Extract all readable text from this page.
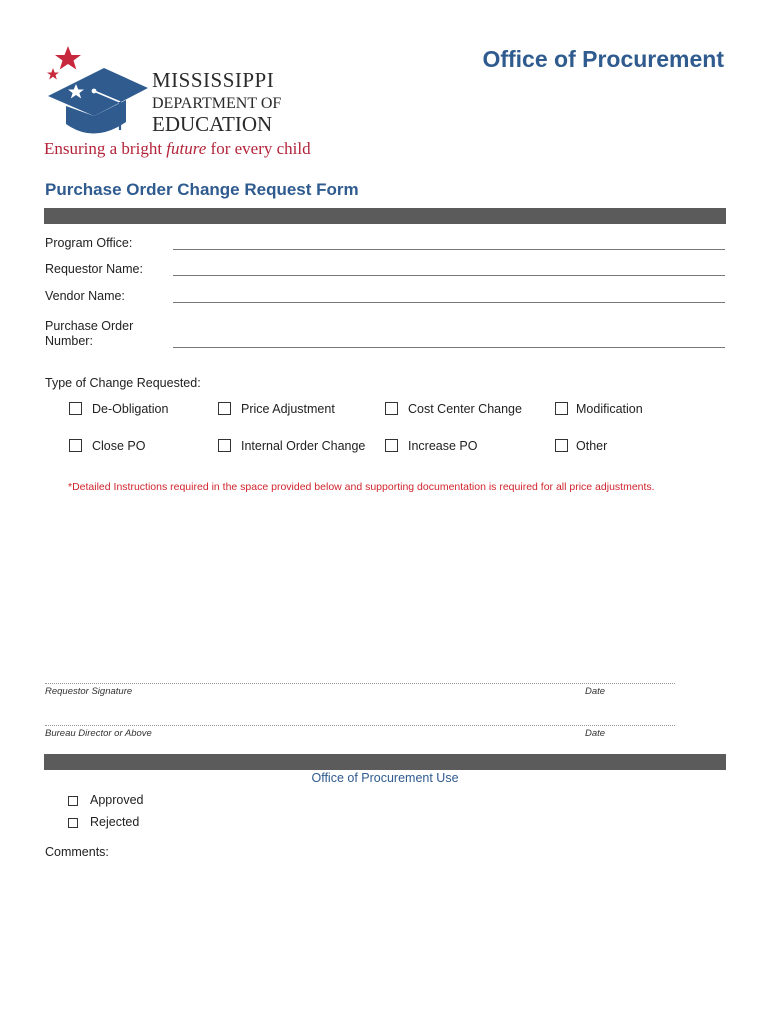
MISSISSIPPI
DEPARTMENT OF
EDUCATION
Ensuring a bright future for every child
Office of Procurement
Purchase Order Change Request Form
Program Office:
Requestor Name:
Vendor Name:
Purchase Order
Number:
Type of Change Requested:
De-Obligation	Price Adjustment	Cost Center Change	Modification
Close PO	Internal Order Change	Increase PO	Other
*Detailed Instructions required in the space provided below and supporting documentation is required for all price adjustments.
Requestor Signature	Date
Bureau Director or Above	Date
Office of Procurement Use
Approved
Rejected
Comments:
